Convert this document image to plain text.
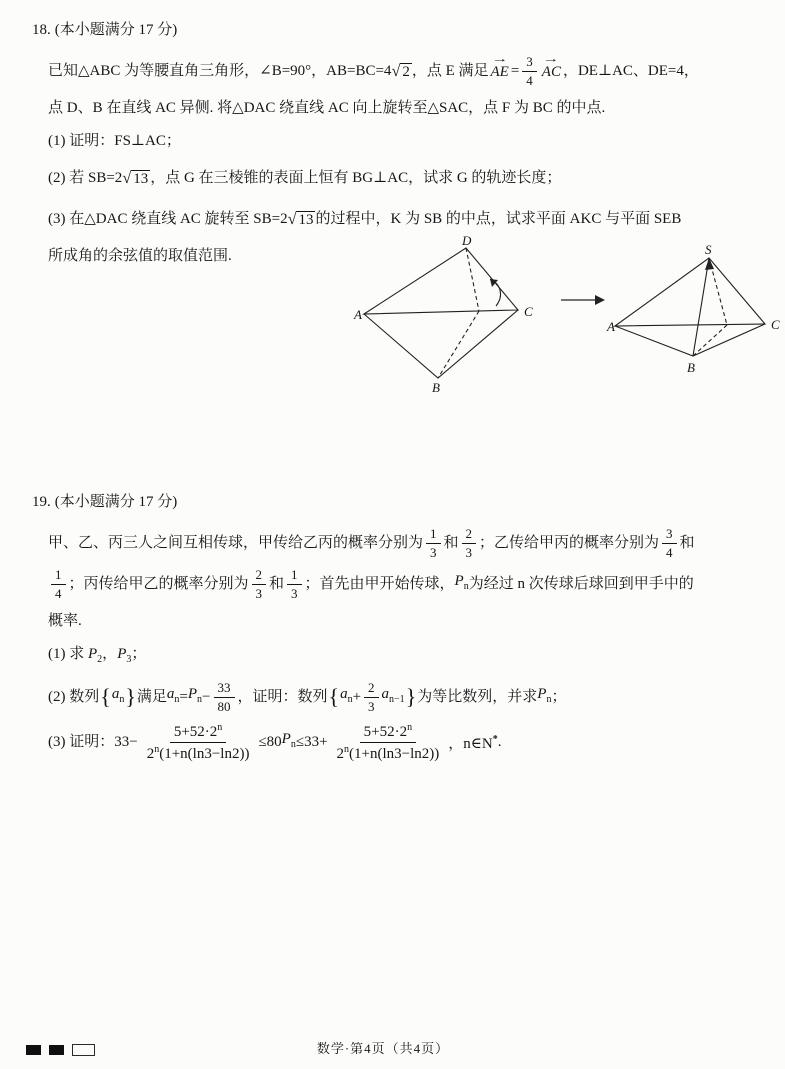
18. (本小题满分 17 分)
已知△ABC 为等腰直角三角形，∠B=90°，AB=BC=4 √ 2 ，点 E 满足
→
AE = $\frac{3}{4}$ →
AC ，DE⊥AC、DE=4，
点 D、B 在直线 AC 异侧. 将△DAC 绕直线 AC 向上旋转至△SAC，点 F 为 BC 的中点.
(1) 证明：FS⊥AC；
(2) 若 SB=2 √ 13 ，点 G 在三棱锥的表面上恒有 BG⊥AC，试求 G 的轨迹长度；
(3) 在△DAC 绕直线 AC 旋转至 SB=2 √ 13 的过程中，K 为 SB 的中点，试求平面 AKC 与平面 SEB
所成角的余弦值的取值范围.
A
D
C
B
A
S
C
B
19. (本小题满分 17 分)
甲、乙、丙三人之间互相传球，甲传给乙丙的概率分别为 $\frac{1}{3}$ 和 $\frac{2}{3}$ ；乙传给甲丙的概率分别为 $\frac{3}{4}$ 和
$\frac{1}{4}$ ；丙传给甲乙的概率分别为 $\frac{2}{3}$ 和 $\frac{1}{3}$ ；首先由甲开始传球， $P_n$ 为经过 n 次传球后球回到甲手中的
概率.
(1) 求 $P_2$，$P_3$；
(2) 数列 { $a_n$ } 满足 $a_n = P_n - \frac{33}{80}$ ，证明：数列 { $a_n + \frac{2}{3} a_{n-1}$ } 为等比数列，并求 $P_n$ ；
(3) 证明：$33- \frac{5+52\cdot 2^n}{2^n(1+n(\ln 3-\ln 2))} \le 80$ $P_n \le 33+ \frac{5+52\cdot 2^n}{2^n(1+n(\ln 3-\ln 2))}$ ，n∈N* .
数学·第4页（共4页）
